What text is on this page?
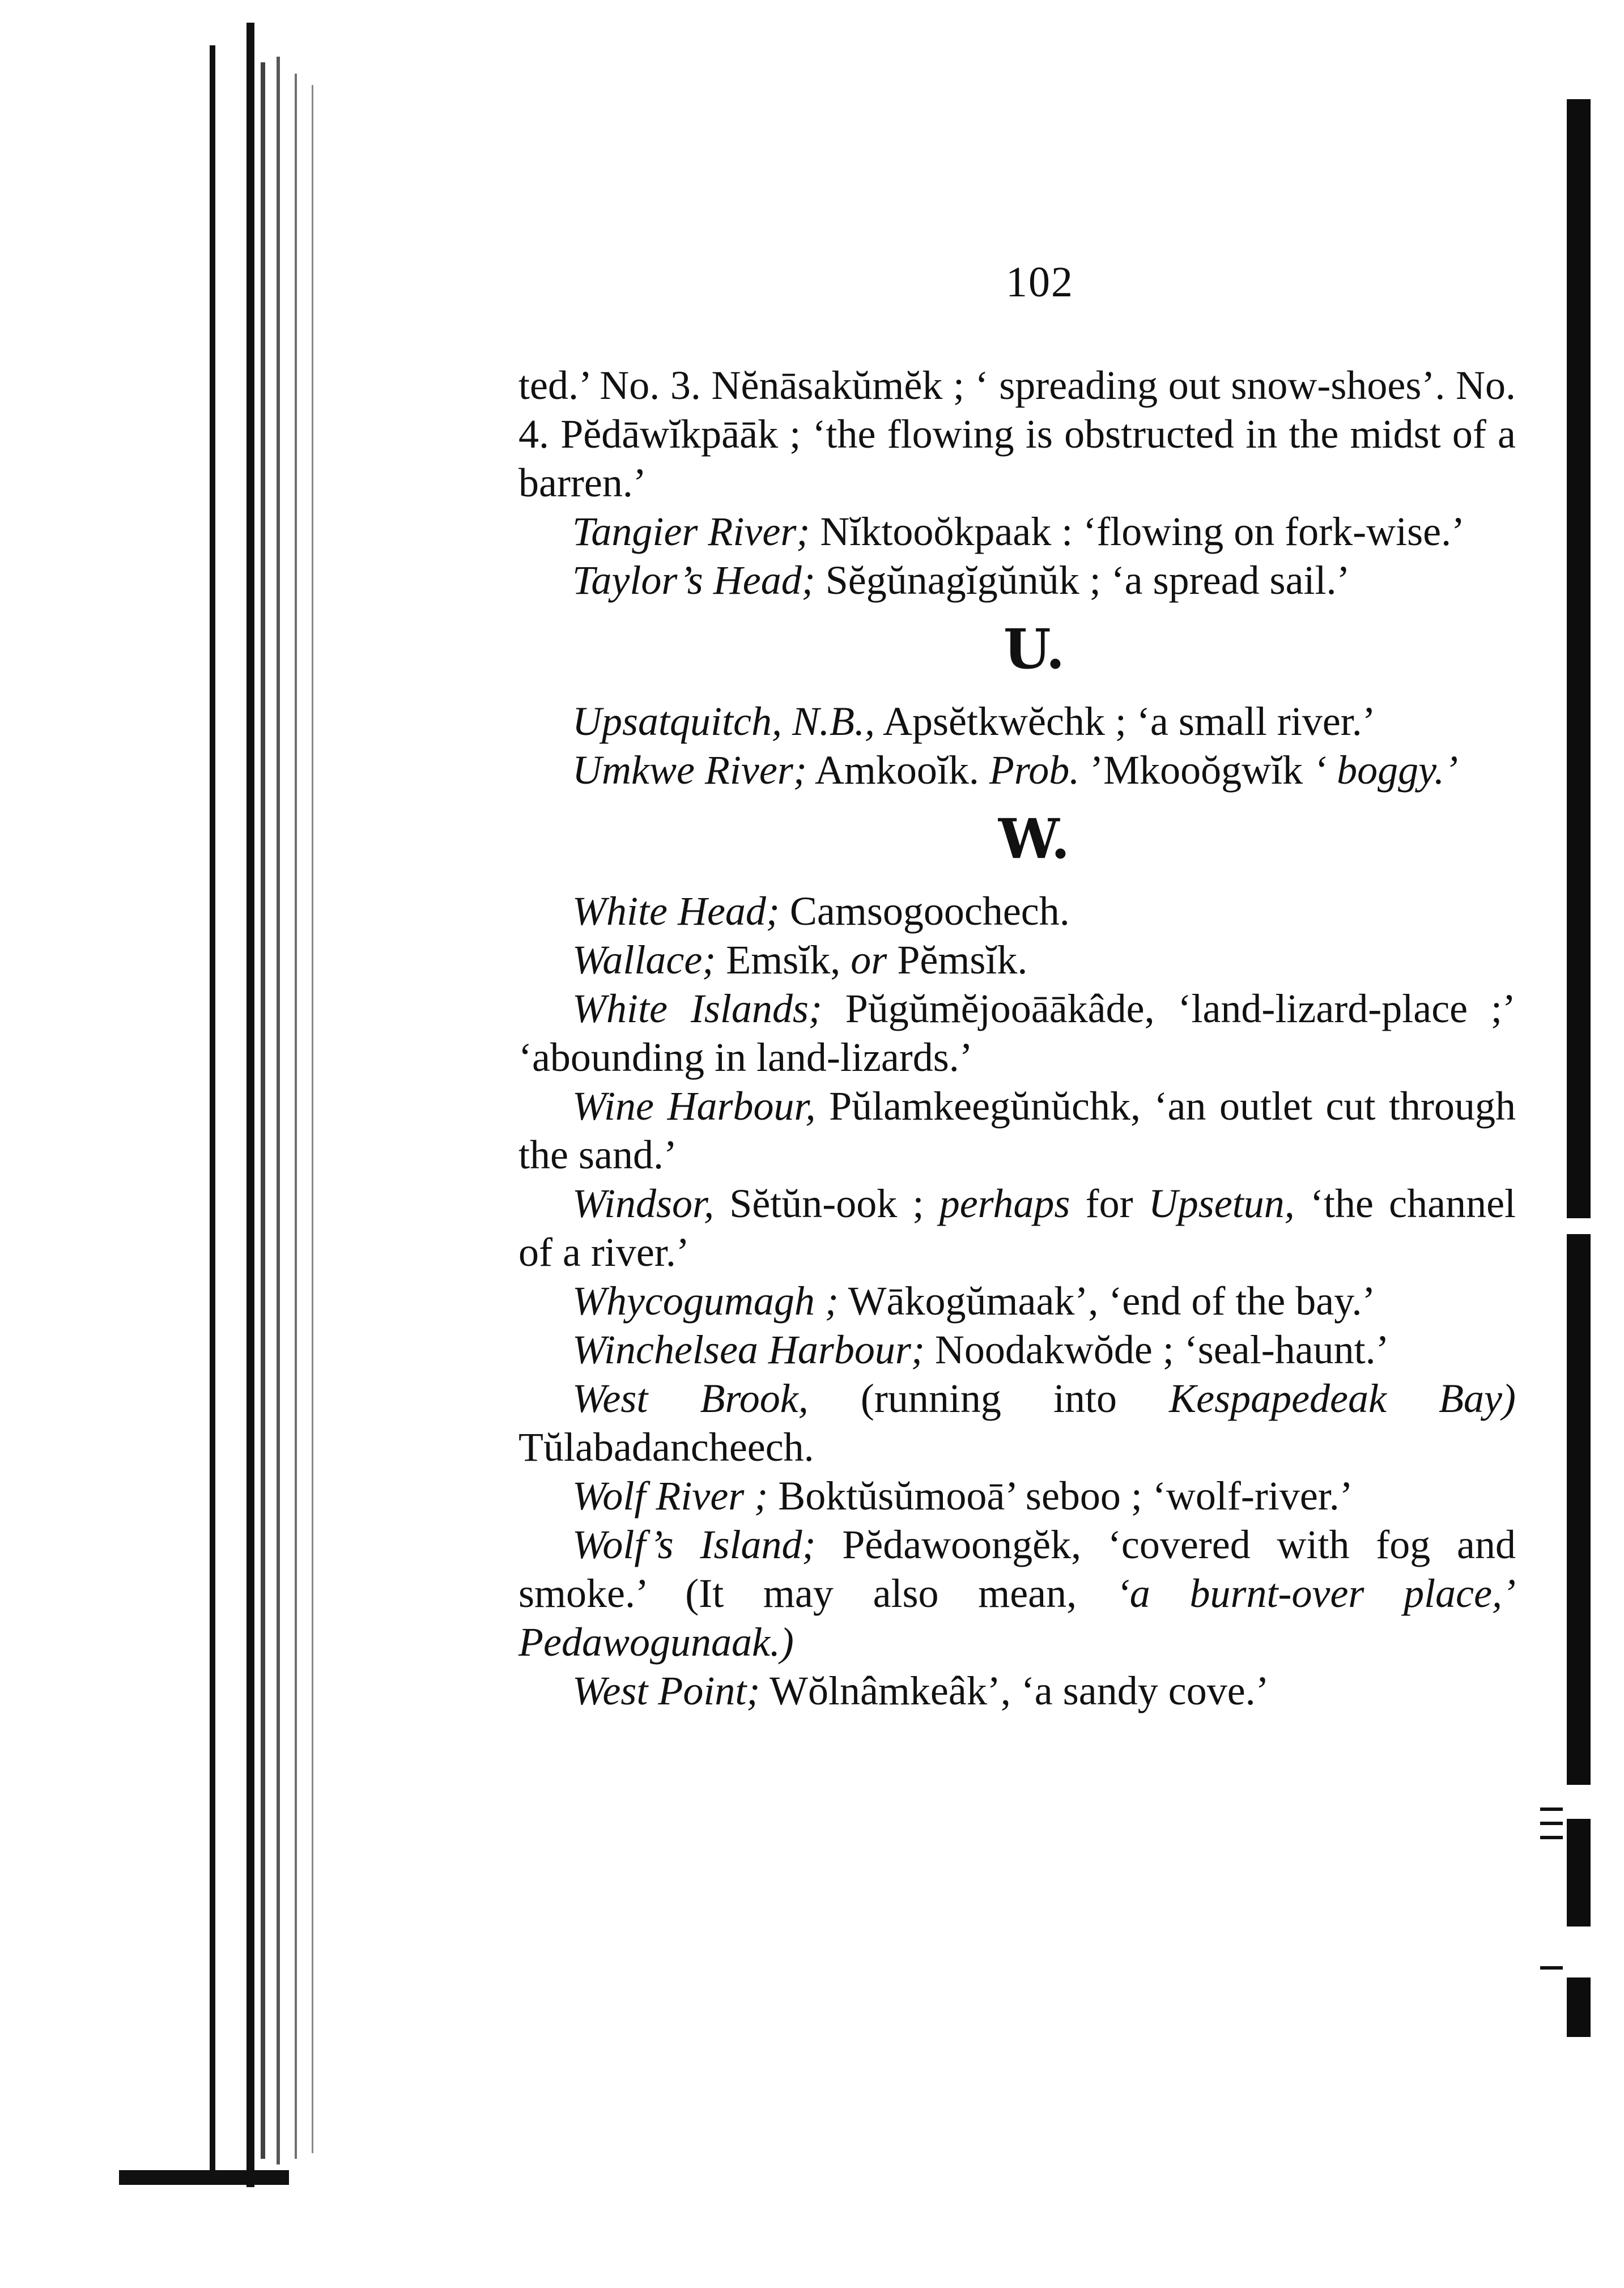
102

ted.’ No. 3. Nĕnāsakŭmĕk ; ‘ spreading out snow-shoes’. No. 4. Pĕdāwĭkpāāk ; ‘the flowing is obstructed in the midst of a barren.’

Tangier River; Nĭktooŏkpaak : ‘flowing on fork-wise.’

Taylor’s Head; Sĕgŭnagĭgŭnŭk ; ‘a spread sail.’

U.

Upsatquitch, N.B., Apsĕtkwĕchk ; ‘a small river.’

Umkwe River; Amkooĭk. Prob. ’Mkooŏgwĭk ‘ boggy.’

W.

White Head; Camsogoochech.

Wallace; Emsĭk, or Pĕmsĭk.

White Islands; Pŭgŭmĕjooāākâde, ‘land-lizard-place ;’ ‘abounding in land-lizards.’

Wine Harbour, Pŭlamkeegŭnŭchk, ‘an outlet cut through the sand.’

Windsor, Sĕtŭn-ook ; perhaps for Upsetun, ‘the channel of a river.’

Whycogumagh ; Wākogŭmaak’, ‘end of the bay.’

Winchelsea Harbour; Noodakwŏde ; ‘seal-haunt.’

West Brook, (running into Kespapedeak Bay) Tŭlabadancheech.

Wolf River ; Boktŭsŭmooā’ seboo ; ‘wolf-river.’

Wolf’s Island; Pĕdawoongĕk, ‘covered with fog and smoke.’ (It may also mean, ‘a burnt-over place,’ Pedawogunaak.)

West Point; Wŏlnâmkeâk’, ‘a sandy cove.’
